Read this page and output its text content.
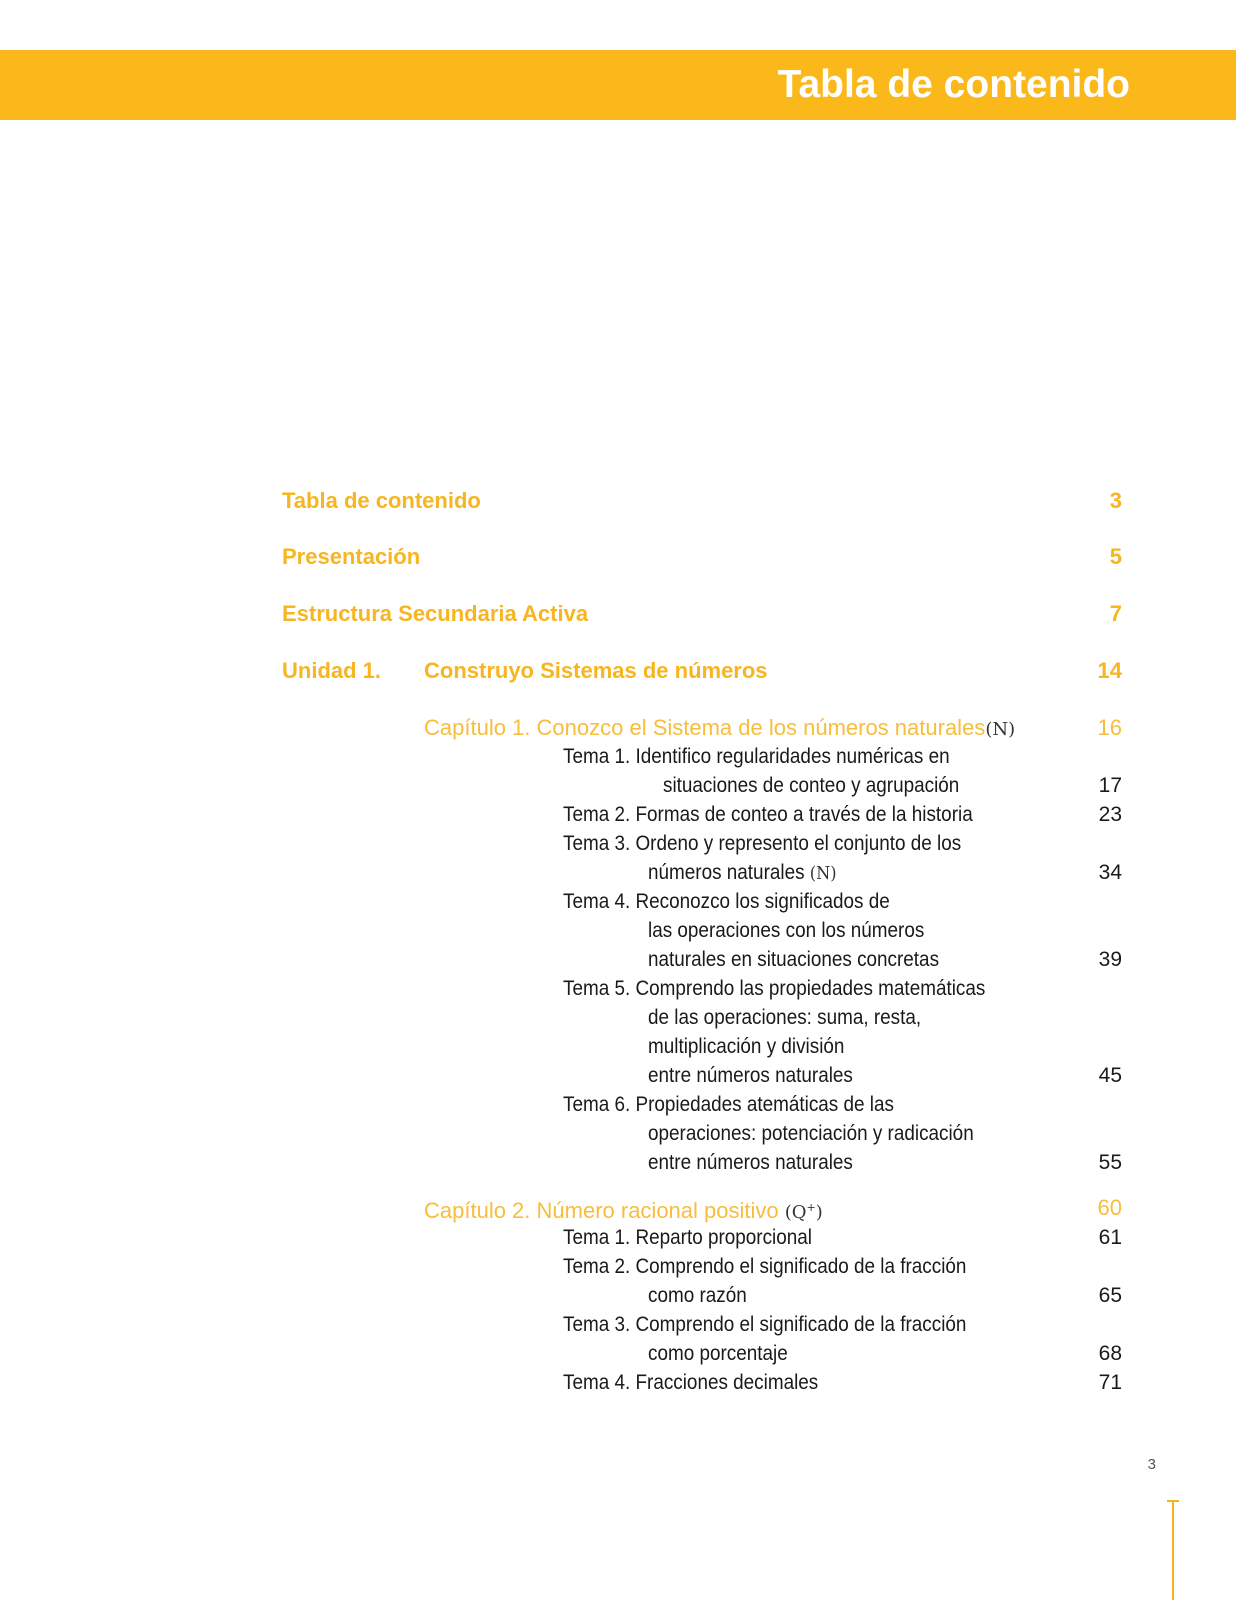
Tabla de contenido
Tabla de contenido	3
Presentación	5
Estructura Secundaria Activa	7
Unidad 1. Construyo Sistemas de números	14
Capítulo 1. Conozco el Sistema de los números naturales(N)	16
Tema 1. Identifico regularidades numéricas en
situaciones de conteo y agrupación	17
Tema 2. Formas de conteo a través de la historia	23
Tema 3. Ordeno y represento el conjunto de los
números naturales (N)	34
Tema 4. Reconozco los significados de
las operaciones con los números
naturales en situaciones concretas	39
Tema 5. Comprendo las propiedades matemáticas
de las operaciones: suma, resta,
multiplicación y división
entre números naturales	45
Tema 6. Propiedades atemáticas de las
operaciones: potenciación y radicación
entre números naturales	55
Capítulo 2. Número racional positivo (Q+)	60
Tema 1. Reparto proporcional	61
Tema 2. Comprendo el significado de la fracción
como razón	65
Tema 3. Comprendo el significado de la fracción
como porcentaje	68
Tema 4. Fracciones decimales	71
3
